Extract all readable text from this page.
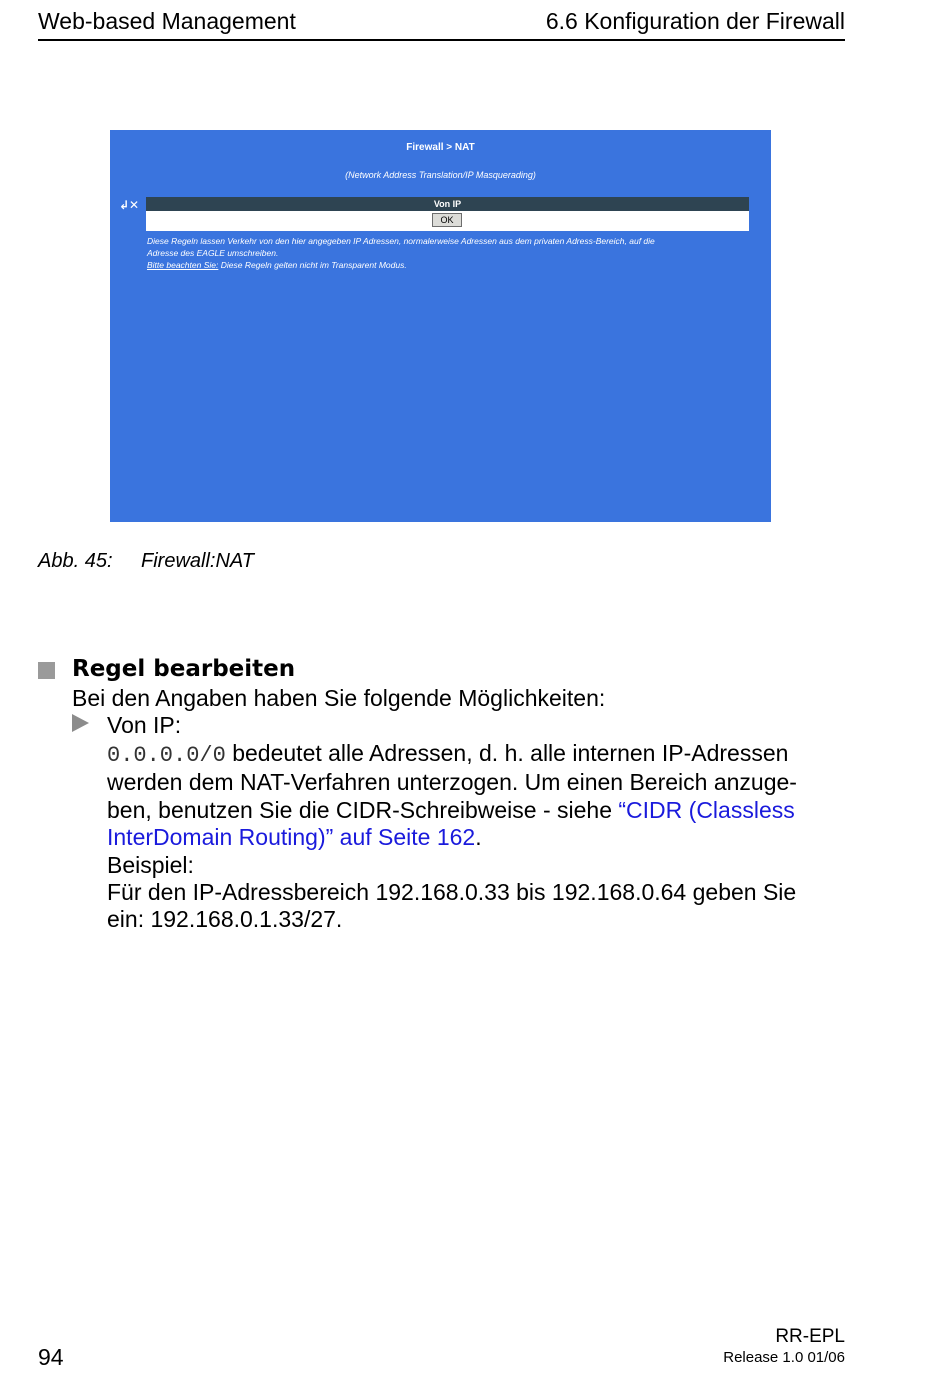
Web-based Management	6.6 Konfiguration der Firewall
Firewall > NAT
(Network Address Translation/IP Masquerading)
↲✕	Von IP
OK
Diese Regeln lassen Verkehr von den hier angegeben IP Adressen, normalerweise Adressen aus dem privaten Adress-Bereich, auf die
Adresse des EAGLE umschreiben.
Bitte beachten Sie: Diese Regeln gelten nicht im Transparent Modus.
Abb. 45: Firewall:NAT
Regel bearbeiten
Bei den Angaben haben Sie folgende Möglichkeiten:
Von IP:
0.0.0.0/0 bedeutet alle Adressen, d. h. alle internen IP-Adressen
werden dem NAT-Verfahren unterzogen. Um einen Bereich anzuge-
ben, benutzen Sie die CIDR-Schreibweise - siehe “CIDR (Classless
InterDomain Routing)” auf Seite 162.
Beispiel:
Für den IP-Adressbereich 192.168.0.33 bis 192.168.0.64 geben Sie
ein: 192.168.0.1.33/27.
94
RR-EPL
Release 1.0 01/06
